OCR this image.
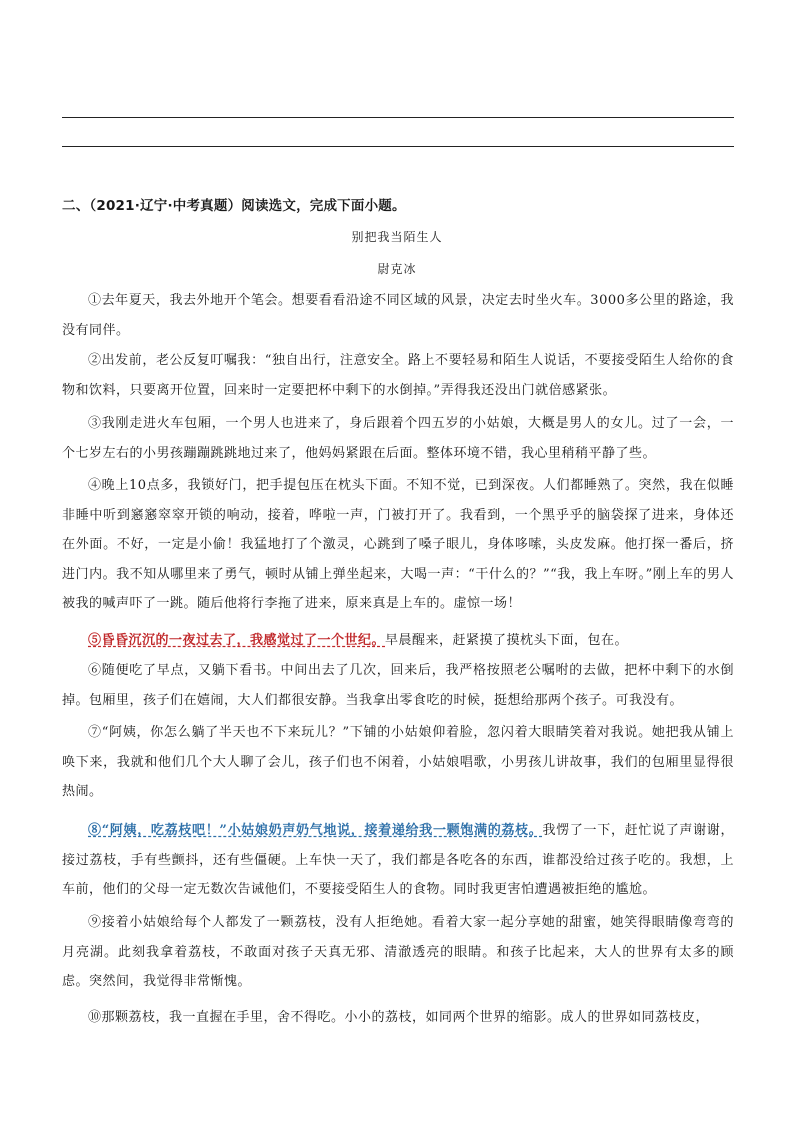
二、（2021·辽宁·中考真题）阅读选文，完成下面小题。
别把我当陌生人
尉克冰
①去年夏天，我去外地开个笔会。想要看看沿途不同区域的风景，决定去时坐火车。3000多公里的路途，我没有同伴。
②出发前，老公反复叮嘱我：“独自出行，注意安全。路上不要轻易和陌生人说话，不要接受陌生人给你的食物和饮料，只要离开位置，回来时一定要把杯中剩下的水倒掉。”弄得我还没出门就倍感紧张。
③我刚走进火车包厢，一个男人也进来了，身后跟着个四五岁的小姑娘，大概是男人的女儿。过了一会，一个七岁左右的小男孩蹦蹦跳跳地过来了，他妈妈紧跟在后面。整体环境不错，我心里稍稍平静了些。
④晚上10点多，我锁好门，把手提包压在枕头下面。不知不觉，已到深夜。人们都睡熟了。突然，我在似睡非睡中听到窸窸窣窣开锁的响动，接着，哗啦一声，门被打开了。我看到，一个黑乎乎的脑袋探了进来，身体还在外面。不好，一定是小偷！我猛地打了个激灵，心跳到了嗓子眼儿，身体哆嗦，头皮发麻。他打探一番后，挤进门内。我不知从哪里来了勇气，顿时从铺上弹坐起来，大喝一声：“干什么的？”“我，我上车呀。”刚上车的男人被我的喊声吓了一跳。随后他将行李拖了进来，原来真是上车的。虚惊一场！
⑤昏昏沉沉的一夜过去了，我感觉过了一个世纪。早晨醒来，赶紧摸了摸枕头下面，包在。
⑥随便吃了早点，又躺下看书。中间出去了几次，回来后，我严格按照老公嘱咐的去做，把杯中剩下的水倒掉。包厢里，孩子们在嬉闹，大人们都很安静。当我拿出零食吃的时候，挺想给那两个孩子。可我没有。
⑦“阿姨，你怎么躺了半天也不下来玩儿？”下铺的小姑娘仰着脸，忽闪着大眼睛笑着对我说。她把我从铺上唤下来，我就和他们几个大人聊了会儿，孩子们也不闲着，小姑娘唱歌，小男孩儿讲故事，我们的包厢里显得很热闹。
⑧“阿姨，吃荔枝吧！”小姑娘奶声奶气地说，接着递给我一颗饱满的荔枝。我愣了一下，赶忙说了声谢谢，接过荔枝，手有些颤抖，还有些僵硬。上车快一天了，我们都是各吃各的东西，谁都没给过孩子吃的。我想，上车前，他们的父母一定无数次告诫他们，不要接受陌生人的食物。同时我更害怕遭遇被拒绝的尴尬。
⑨接着小姑娘给每个人都发了一颗荔枝，没有人拒绝她。看着大家一起分享她的甜蜜，她笑得眼睛像弯弯的月亮湖。此刻我拿着荔枝，不敢面对孩子天真无邪、清澈透亮的眼睛。和孩子比起来，大人的世界有太多的顾虑。突然间，我觉得非常惭愧。
⑩那颗荔枝，我一直握在手里，舍不得吃。小小的荔枝，如同两个世界的缩影。成人的世界如同荔枝皮，
